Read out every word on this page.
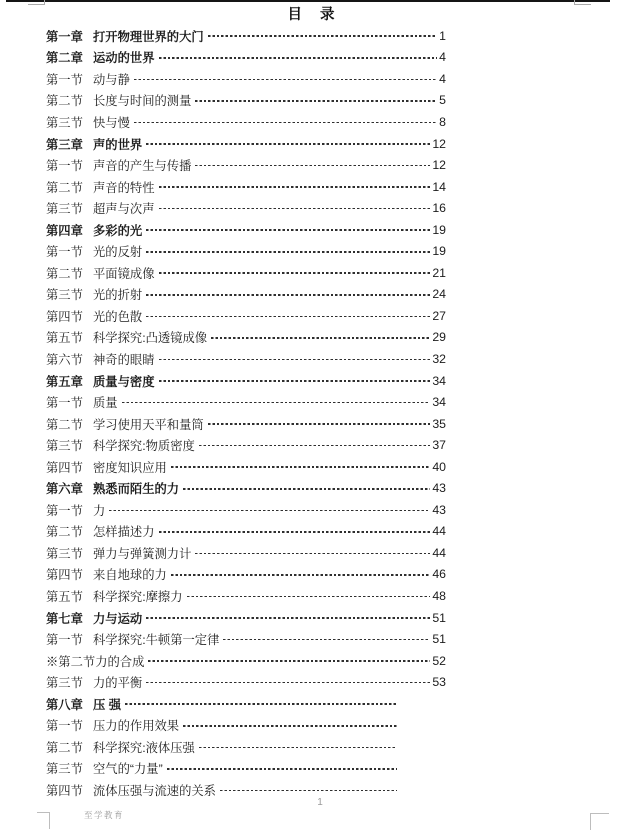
目 录
第一章 打开物理世界的大门	1
第二章 运动的世界	4
第一节 动与静	4
第二节 长度与时间的测量	5
第三节 快与慢	8
第三章 声的世界	12
第一节 声音的产生与传播	12
第二节 声音的特性	14
第三节 超声与次声	16
第四章 多彩的光	19
第一节 光的反射	19
第二节 平面镜成像	21
第三节 光的折射	24
第四节 光的色散	27
第五节 科学探究:凸透镜成像	29
第六节 神奇的眼睛	32
第五章 质量与密度	34
第一节 质量	34
第二节 学习使用天平和量筒	35
第三节 科学探究:物质密度	37
第四节 密度知识应用	40
第六章 熟悉而陌生的力	43
第一节 力	43
第二节 怎样描述力	44
第三节 弹力与弹簧测力计	44
第四节 来自地球的力	46
第五节 科学探究:摩擦力	48
第七章 力与运动	51
第一节 科学探究:牛顿第一定律	51
※第二节 力的合成	52
第三节 力的平衡	53
第八章 压 强
第一节 压力的作用效果
第二节 科学探究:液体压强
第三节 空气的“力量”
第四节 流体压强与流速的关系
1
至学教育
